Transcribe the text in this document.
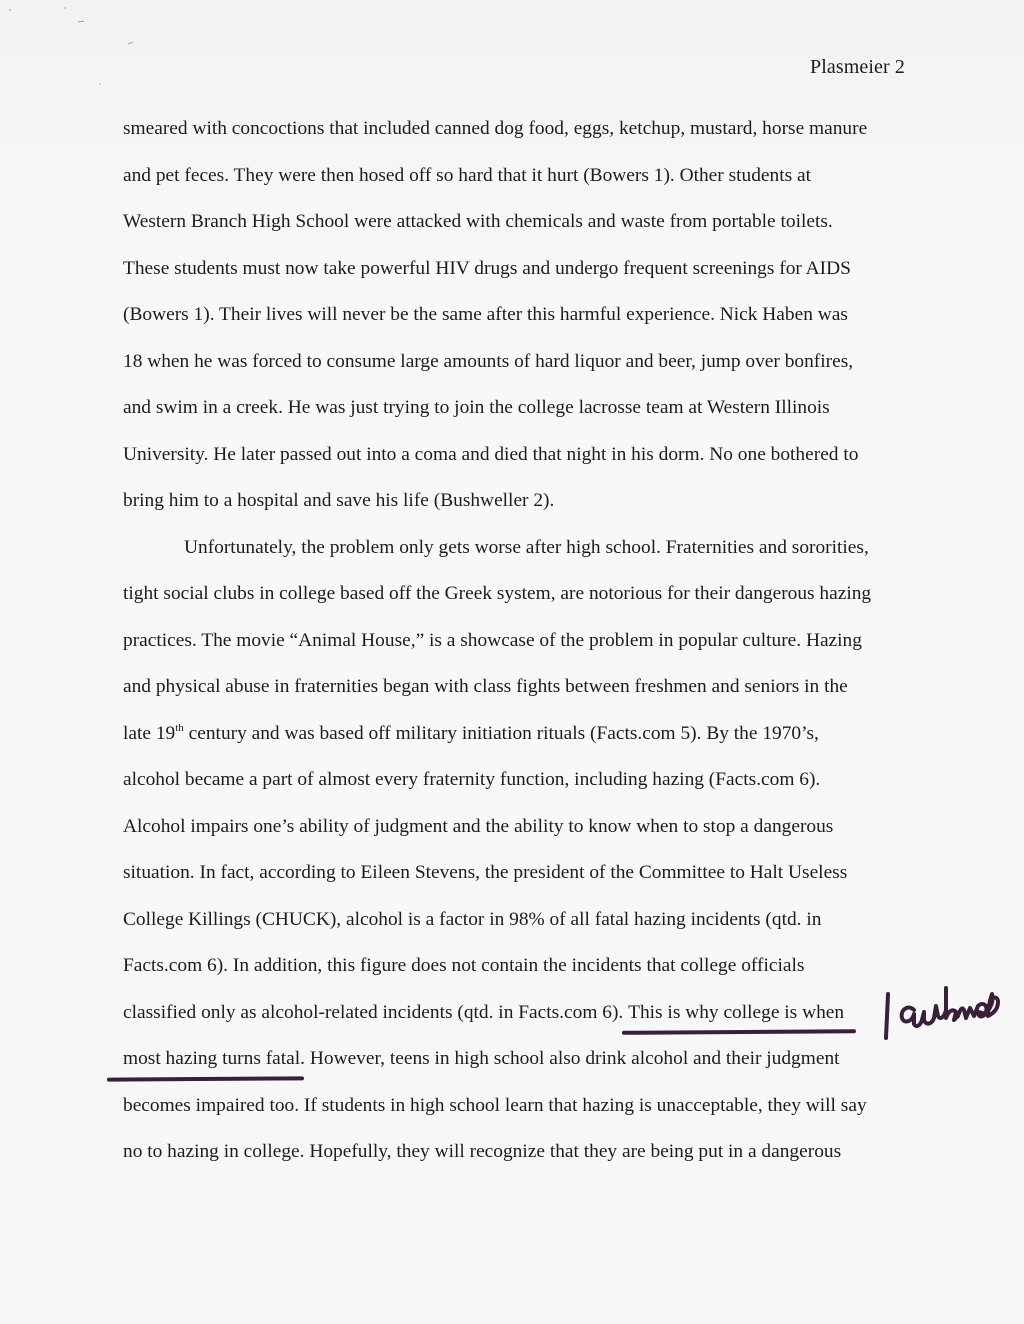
Plasmeier 2
smeared with concoctions that included canned dog food, eggs, ketchup, mustard, horse manure
and pet feces. They were then hosed off so hard that it hurt (Bowers 1). Other students at
Western Branch High School were attacked with chemicals and waste from portable toilets.
These students must now take powerful HIV drugs and undergo frequent screenings for AIDS
(Bowers 1). Their lives will never be the same after this harmful experience. Nick Haben was
18 when he was forced to consume large amounts of hard liquor and beer, jump over bonfires,
and swim in a creek. He was just trying to join the college lacrosse team at Western Illinois
University. He later passed out into a coma and died that night in his dorm. No one bothered to
bring him to a hospital and save his life (Bushweller 2).
Unfortunately, the problem only gets worse after high school. Fraternities and sororities,
tight social clubs in college based off the Greek system, are notorious for their dangerous hazing
practices. The movie “Animal House,” is a showcase of the problem in popular culture. Hazing
and physical abuse in fraternities began with class fights between freshmen and seniors in the
late 19th century and was based off military initiation rituals (Facts.com 5). By the 1970’s,
alcohol became a part of almost every fraternity function, including hazing (Facts.com 6).
Alcohol impairs one’s ability of judgment and the ability to know when to stop a dangerous
situation. In fact, according to Eileen Stevens, the president of the Committee to Halt Useless
College Killings (CHUCK), alcohol is a factor in 98% of all fatal hazing incidents (qtd. in
Facts.com 6). In addition, this figure does not contain the incidents that college officials
classified only as alcohol-related incidents (qtd. in Facts.com 6). This is why college is when
most hazing turns fatal. However, teens in high school also drink alcohol and their judgment
becomes impaired too. If students in high school learn that hazing is unacceptable, they will say
no to hazing in college. Hopefully, they will recognize that they are being put in a dangerous
